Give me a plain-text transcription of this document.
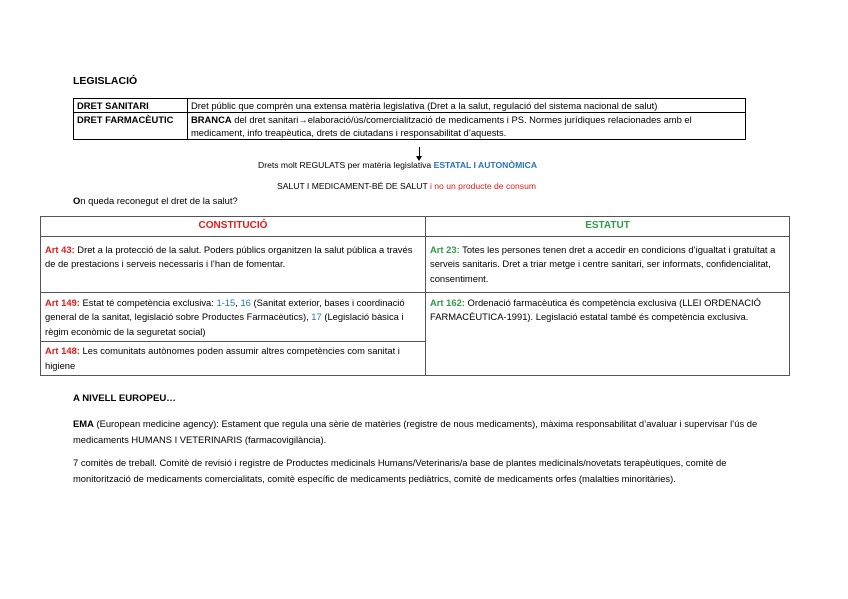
LEGISLACIÓ
DRET SANITARI	Dret públic que comprèn una extensa matèria legislativa (Dret a la salut, regulació del sistema nacional de salut)
DRET FARMACÈUTIC	BRANCA del dret sanitari→elaboració/ús/comercialització de medicaments i PS. Normes jurídiques relacionades amb el medicament, info treapèutica, drets de ciutadans i responsabilitat d’aquests.
Drets molt REGULATS per matèria legislativa ESTATAL I AUTONÒMICA
SALUT I MEDICAMENT-BÉ DE SALUT i no un producte de consum
On queda reconegut el dret de la salut?
CONSTITUCIÓ	ESTATUT
Art 43: Dret a la protecció de la salut. Poders públics organitzen la salut pública a través de de prestacions i serveis necessaris i l’han de fomentar.	Art 23: Totes les persones tenen dret a accedir en condicions d’igualtat i gratuïtat a serveis sanitaris. Dret a triar metge i centre sanitari, ser informats, confidencialitat, consentiment.
Art 149: Estat té competència exclusiva: 1-15, 16 (Sanitat exterior, bases i coordinació general de la sanitat, legislació sobre Productes Farmacèutics), 17 (Legislació bàsica i règim econòmic de la seguretat social)	Art 162: Ordenació farmacèutica és competència exclusiva (LLEI ORDENACIÓ FARMACÈUTICA-1991). Legislació estatal també és competència exclusiva.
Art 148: Les comunitats autònomes poden assumir altres competències com sanitat i higiene	
A NIVELL EUROPEU…

EMA (European medicine agency): Estament que regula una sèrie de matèries (registre de nous medicaments), màxima responsabilitat d’avaluar i supervisar l’ús de medicaments HUMANS I VETERINARIS (farmacovigilància).

7 comitès de treball. Comitè de revisió i registre de Productes medicinals Humans/Veterinaris/a base de plantes medicinals/novetats terapèutiques, comitè de monitorització de medicaments comercialitats, comitè específic de medicaments pediàtrics, comitè de medicaments orfes (malalties minoritàries).
